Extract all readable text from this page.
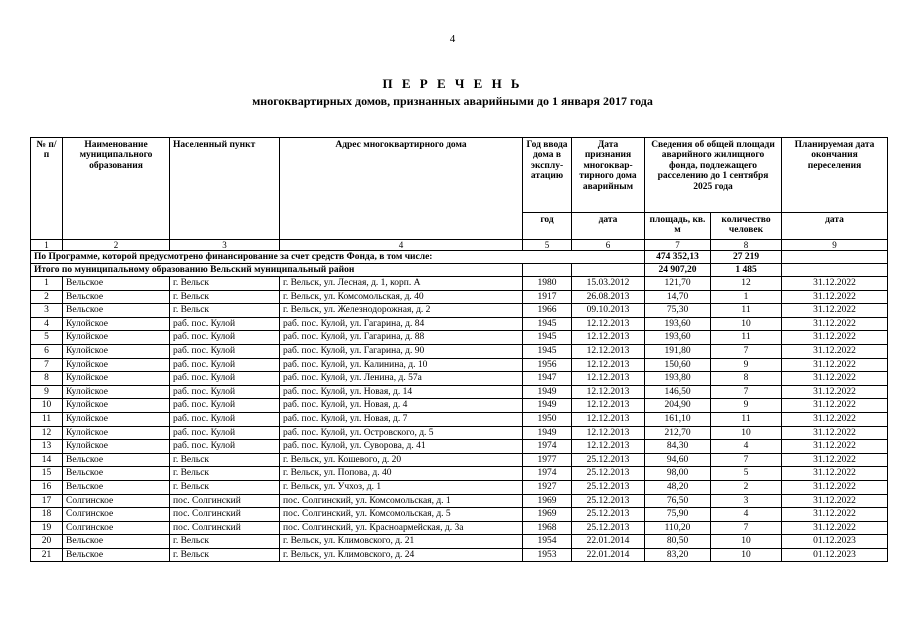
4
П Е Р Е Ч Е Н Ь
многоквартирных домов, признанных аварийными до 1 января 2017 года
№ п/п	Наименование муниципального образования	Населенный пункт	Адрес многоквартирного дома	Год ввода дома в эксплу-атацию	Дата признания многоквар-тирного дома аварийным	Сведения об общей площади аварийного жилищного фонда, подлежащего расселению до 1 сентября 2025 года		Планируемая дата окончания переселения
				год	дата	площадь, кв. м	количество человек	дата
1	2	3	4	5	6	7	8	9
По Программе, которой предусмотрено финансирование за счет средств Фонда, в том числе:						474 352,13	27 219	
Итого по муниципальному образованию Вельский муниципальный район						24 907,20	1 485	
1	Вельское	г. Вельск	г. Вельск, ул. Лесная, д. 1, корп. А	1980	15.03.2012	121,70	12	31.12.2022
2	Вельское	г. Вельск	г. Вельск, ул. Комсомольская, д. 40	1917	26.08.2013	14,70	1	31.12.2022
3	Вельское	г. Вельск	г. Вельск, ул. Железнодорожная, д. 2	1966	09.10.2013	75,30	11	31.12.2022
4	Кулойское	раб. пос. Кулой	раб. пос. Кулой, ул. Гагарина, д. 84	1945	12.12.2013	193,60	10	31.12.2022
5	Кулойское	раб. пос. Кулой	раб. пос. Кулой, ул. Гагарина, д. 88	1945	12.12.2013	193,60	11	31.12.2022
6	Кулойское	раб. пос. Кулой	раб. пос. Кулой, ул. Гагарина, д. 90	1945	12.12.2013	191,80	7	31.12.2022
7	Кулойское	раб. пос. Кулой	раб. пос. Кулой, ул. Калинина, д. 10	1956	12.12.2013	150,60	9	31.12.2022
8	Кулойское	раб. пос. Кулой	раб. пос. Кулой, ул. Ленина, д. 57а	1947	12.12.2013	193,80	8	31.12.2022
9	Кулойское	раб. пос. Кулой	раб. пос. Кулой, ул. Новая, д. 14	1949	12.12.2013	146,50	7	31.12.2022
10	Кулойское	раб. пос. Кулой	раб. пос. Кулой, ул. Новая, д. 4	1949	12.12.2013	204,90	9	31.12.2022
11	Кулойское	раб. пос. Кулой	раб. пос. Кулой, ул. Новая, д. 7	1950	12.12.2013	161,10	11	31.12.2022
12	Кулойское	раб. пос. Кулой	раб. пос. Кулой, ул. Островского, д. 5	1949	12.12.2013	212,70	10	31.12.2022
13	Кулойское	раб. пос. Кулой	раб. пос. Кулой, ул. Суворова, д. 41	1974	12.12.2013	84,30	4	31.12.2022
14	Вельское	г. Вельск	г. Вельск, ул. Кошевого, д. 20	1977	25.12.2013	94,60	7	31.12.2022
15	Вельское	г. Вельск	г. Вельск, ул. Попова, д. 40	1974	25.12.2013	98,00	5	31.12.2022
16	Вельское	г. Вельск	г. Вельск, ул. Учхоз, д. 1	1927	25.12.2013	48,20	2	31.12.2022
17	Солгинское	пос. Солгинский	пос. Солгинский, ул. Комсомольская, д. 1	1969	25.12.2013	76,50	3	31.12.2022
18	Солгинское	пос. Солгинский	пос. Солгинский, ул. Комсомольская, д. 5	1969	25.12.2013	75,90	4	31.12.2022
19	Солгинское	пос. Солгинский	пос. Солгинский, ул. Красноармейская, д. 3а	1968	25.12.2013	110,20	7	31.12.2022
20	Вельское	г. Вельск	г. Вельск, ул. Климовского, д. 21	1954	22.01.2014	80,50	10	01.12.2023
21	Вельское	г. Вельск	г. Вельск, ул. Климовского, д. 24	1953	22.01.2014	83,20	10	01.12.2023
